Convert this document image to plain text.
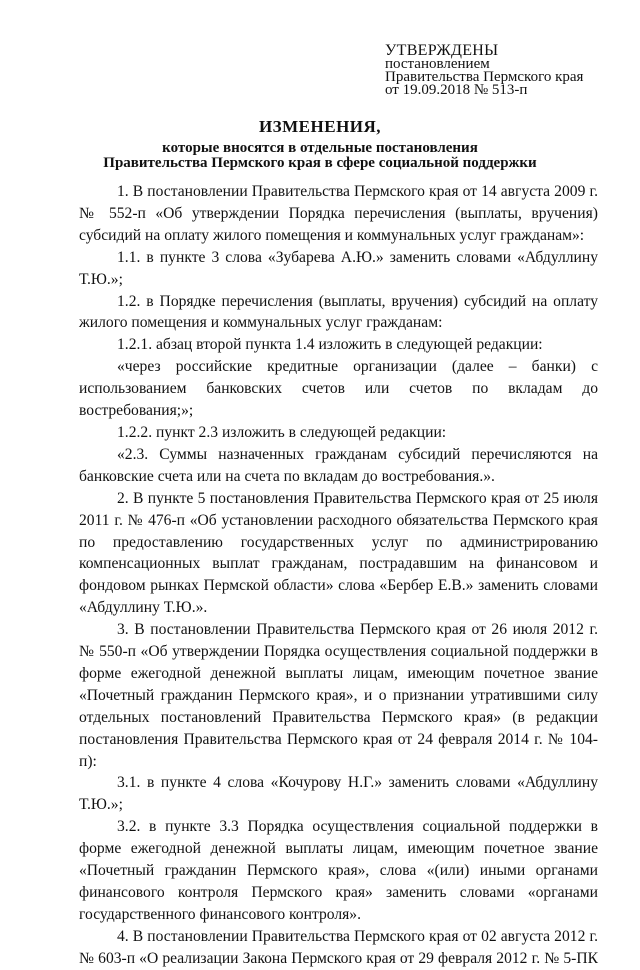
УТВЕРЖДЕНЫ
постановлением
Правительства Пермского края
от 19.09.2018 № 513-п
ИЗМЕНЕНИЯ,
которые вносятся в отдельные постановления
Правительства Пермского края в сфере социальной поддержки

1. В постановлении Правительства Пермского края от 14 августа 2009 г. № 552-п «Об утверждении Порядка перечисления (выплаты, вручения) субсидий на оплату жилого помещения и коммунальных услуг гражданам»:

1.1. в пункте 3 слова «Зубарева А.Ю.» заменить словами «Абдуллину Т.Ю.»;

1.2. в Порядке перечисления (выплаты, вручения) субсидий на оплату жилого помещения и коммунальных услуг гражданам:

1.2.1. абзац второй пункта 1.4 изложить в следующей редакции:

«через российские кредитные организации (далее – банки) с использованием банковских счетов или счетов по вкладам до востребования;»;

1.2.2. пункт 2.3 изложить в следующей редакции:

«2.3. Суммы назначенных гражданам субсидий перечисляются на банковские счета или на счета по вкладам до востребования.».

2. В пункте 5 постановления Правительства Пермского края от 25 июля 2011 г. № 476-п «Об установлении расходного обязательства Пермского края по предоставлению государственных услуг по администрированию компенсационных выплат гражданам, пострадавшим на финансовом и фондовом рынках Пермской области» слова «Бербер Е.В.» заменить словами «Абдуллину Т.Ю.».

3. В постановлении Правительства Пермского края от 26 июля 2012 г. № 550-п «Об утверждении Порядка осуществления социальной поддержки в форме ежегодной денежной выплаты лицам, имеющим почетное звание «Почетный гражданин Пермского края», и о признании утратившими силу отдельных постановлений Правительства Пермского края» (в редакции постановления Правительства Пермского края от 24 февраля 2014 г. № 104-п):

3.1. в пункте 4 слова «Кочурову Н.Г.» заменить словами «Абдуллину Т.Ю.»;

3.2. в пункте 3.3 Порядка осуществления социальной поддержки в форме ежегодной денежной выплаты лицам, имеющим почетное звание «Почетный гражданин Пермского края», слова «(или) иными органами финансового контроля Пермского края» заменить словами «органами государственного финансового контроля».

4. В постановлении Правительства Пермского края от 02 августа 2012 г. № 603-п «О реализации Закона Пермского края от 29 февраля 2012 г. № 5-ПК
